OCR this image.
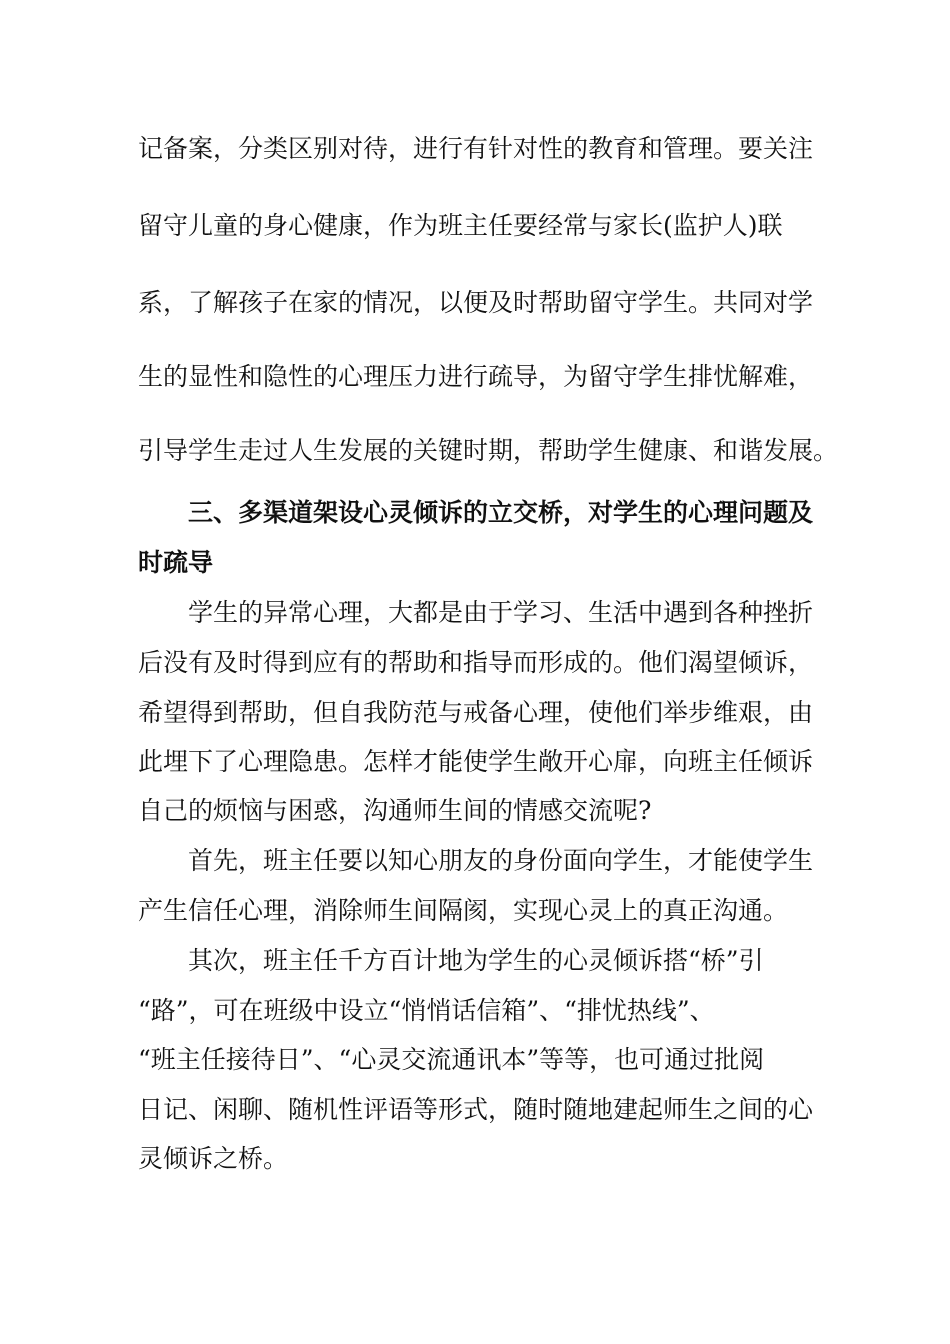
记备案，分类区别对待，进行有针对性的教育和管理。要关注

留守儿童的身心健康，作为班主任要经常与家长(监护人)联

系，了解孩子在家的情况，以便及时帮助留守学生。共同对学

生的显性和隐性的心理压力进行疏导，为留守学生排忧解难，

引导学生走过人生发展的关键时期，帮助学生健康、和谐发展。

三、多渠道架设心灵倾诉的立交桥，对学生的心理问题及

时疏导

学生的异常心理，大都是由于学习、生活中遇到各种挫折

后没有及时得到应有的帮助和指导而形成的。他们渴望倾诉，

希望得到帮助，但自我防范与戒备心理，使他们举步维艰，由

此埋下了心理隐患。怎样才能使学生敞开心扉，向班主任倾诉

自己的烦恼与困惑，沟通师生间的情感交流呢?

首先，班主任要以知心朋友的身份面向学生，才能使学生

产生信任心理，消除师生间隔阂，实现心灵上的真正沟通。

其次，班主任千方百计地为学生的心灵倾诉搭“桥”引

“路”，可在班级中设立“悄悄话信箱”、“排忧热线”、

“班主任接待日”、“心灵交流通讯本”等等，也可通过批阅

日记、闲聊、随机性评语等形式，随时随地建起师生之间的心

灵倾诉之桥。
